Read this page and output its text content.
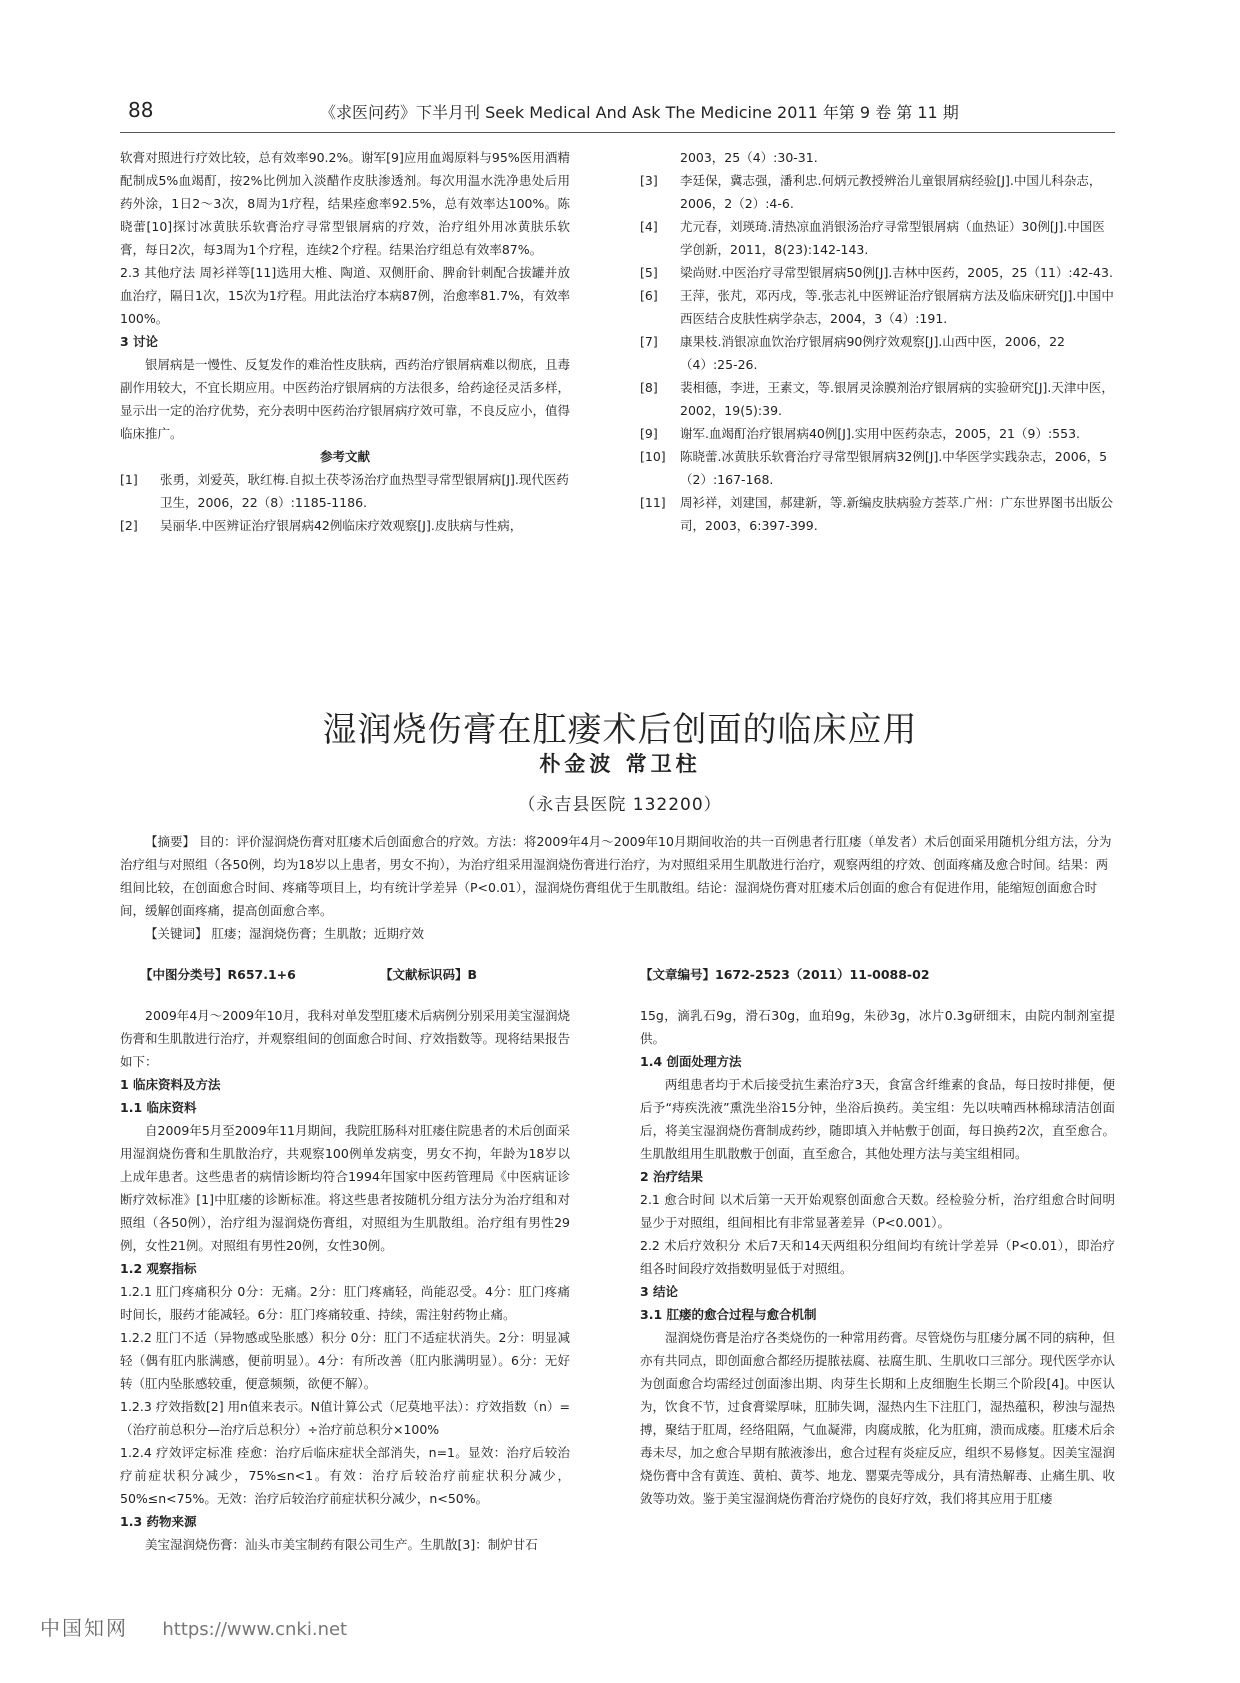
88	《求医问药》下半月刊 Seek Medical And Ask The Medicine 2011 年第 9 卷 第 11 期

软膏对照进行疗效比较，总有效率90.2%。谢军[9]应用血竭原料与95%医用酒精配制成5%血竭酊，按2%比例加入淡醋作皮肤渗透剂。每次用温水洗净患处后用药外涂，1日2～3次，8周为1疗程，结果痊愈率92.5%，总有效率达100%。陈晓蕾[10]探讨冰黄肤乐软膏治疗寻常型银屑病的疗效，治疗组外用冰黄肤乐软膏，每日2次，每3周为1个疗程，连续2个疗程。结果治疗组总有效率87%。

2.3 其他疗法 周衫祥等[11]选用大椎、陶道、双侧肝俞、脾俞针刺配合拔罐并放血治疗，隔日1次，15次为1疗程。用此法治疗本病87例，治愈率81.7%，有效率100%。

3 讨论

银屑病是一慢性、反复发作的难治性皮肤病，西药治疗银屑病难以彻底，且毒副作用较大，不宜长期应用。中医药治疗银屑病的方法很多，给药途径灵活多样，显示出一定的治疗优势，充分表明中医药治疗银屑病疗效可靠，不良反应小，值得临床推广。

参考文献

[1]	张勇，刘爱英，耿红梅.自拟土茯苓汤治疗血热型寻常型银屑病[J].现代医药卫生，2006，22（8）:1185-1186.
[2]	吴丽华.中医辨证治疗银屑病42例临床疗效观察[J].皮肤病与性病，
2003，25（4）:30-31.
[3]	李廷保，冀志强，潘利忠.何炳元教授辨治儿童银屑病经验[J].中国儿科杂志，2006，2（2）:4-6.
[4]	尤元春，刘瑛琦.清热凉血消银汤治疗寻常型银屑病（血热证）30例[J].中国医学创新，2011，8(23):142-143.
[5]	梁尚财.中医治疗寻常型银屑病50例[J].吉林中医药，2005，25（11）:42-43.
[6]	王萍，张芃，邓丙戌，等.张志礼中医辨证治疗银屑病方法及临床研究[J].中国中西医结合皮肤性病学杂志，2004，3（4）:191.
[7]	康果枝.消银凉血饮治疗银屑病90例疗效观察[J].山西中医，2006，22（4）:25-26.
[8]	裴相德，李进，王素文，等.银屑灵涂膜剂治疗银屑病的实验研究[J].天津中医，2002，19(5):39.
[9]	谢军.血竭酊治疗银屑病40例[J].实用中医药杂志，2005，21（9）:553.
[10]	陈晓蕾.冰黄肤乐软膏治疗寻常型银屑病32例[J].中华医学实践杂志，2006，5（2）:167-168.
[11]	周衫祥，刘建国，郝建新，等.新编皮肤病验方荟萃.广州：广东世界图书出版公司，2003，6:397-399.
湿润烧伤膏在肛瘘术后创面的临床应用
朴金波 常卫柱
（永吉县医院 132200）

【摘要】 目的：评价湿润烧伤膏对肛瘘术后创面愈合的疗效。方法：将2009年4月～2009年10月期间收治的共一百例患者行肛瘘（单发者）术后创面采用随机分组方法，分为治疗组与对照组（各50例，均为18岁以上患者，男女不拘），为治疗组采用湿润烧伤膏进行治疗，为对照组采用生肌散进行治疗，观察两组的疗效、创面疼痛及愈合时间。结果：两组间比较，在创面愈合时间、疼痛等项目上，均有统计学差异（P<0.01），湿润烧伤膏组优于生肌散组。结论：湿润烧伤膏对肛瘘术后创面的愈合有促进作用，能缩短创面愈合时间，缓解创面疼痛，提高创面愈合率。

【关键词】 肛瘘；湿润烧伤膏；生肌散；近期疗效

【中图分类号】R657.1+6	【文献标识码】B	【文章编号】1672-2523（2011）11-0088-02

2009年4月～2009年10月，我科对单发型肛瘘术后病例分别采用美宝湿润烧伤膏和生肌散进行治疗，并观察组间的创面愈合时间、疗效指数等。现将结果报告如下：

1 临床资料及方法

1.1 临床资料

自2009年5月至2009年11月期间，我院肛肠科对肛瘘住院患者的术后创面采用湿润烧伤膏和生肌散治疗，共观察100例单发病变，男女不拘，年龄为18岁以上成年患者。这些患者的病情诊断均符合1994年国家中医药管理局《中医病证诊断疗效标准》[1]中肛瘘的诊断标准。将这些患者按随机分组方法分为治疗组和对照组（各50例），治疗组为湿润烧伤膏组，对照组为生肌散组。治疗组有男性29例，女性21例。对照组有男性20例，女性30例。

1.2 观察指标

1.2.1 肛门疼痛积分 0分：无痛。2分：肛门疼痛轻，尚能忍受。4分：肛门疼痛时间长，服药才能减轻。6分：肛门疼痛较重、持续，需注射药物止痛。

1.2.2 肛门不适（异物感或坠胀感）积分 0分：肛门不适症状消失。2分：明显减轻（偶有肛内胀满感，便前明显）。4分：有所改善（肛内胀满明显）。6分：无好转（肛内坠胀感较重，便意频频，欲便不解）。

1.2.3 疗效指数[2] 用n值来表示。N值计算公式（尼莫地平法）：疗效指数（n）=（治疗前总积分—治疗后总积分）÷治疗前总积分×100%

1.2.4 疗效评定标准 痊愈：治疗后临床症状全部消失，n=1。显效：治疗后较治疗前症状积分减少，75%≤n<1。有效：治疗后较治疗前症状积分减少，50%≤n<75%。无效：治疗后较治疗前症状积分减少，n<50%。

1.3 药物来源

美宝湿润烧伤膏：汕头市美宝制药有限公司生产。生肌散[3]：制炉甘石

15g，滴乳石9g，滑石30g，血珀9g，朱砂3g，冰片0.3g研细末，由院内制剂室提供。

1.4 创面处理方法

两组患者均于术后接受抗生素治疗3天，食富含纤维素的食品，每日按时排便，便后予“痔疾洗液”熏洗坐浴15分钟，坐浴后换药。美宝组：先以呋喃西林棉球清洁创面后，将美宝湿润烧伤膏制成药纱，随即填入并帖敷于创面，每日换药2次，直至愈合。生肌散组用生肌散敷于创面，直至愈合，其他处理方法与美宝组相同。

2 治疗结果

2.1 愈合时间 以术后第一天开始观察创面愈合天数。经检验分析，治疗组愈合时间明显少于对照组，组间相比有非常显著差异（P<0.001）。

2.2 术后疗效积分 术后7天和14天两组积分组间均有统计学差异（P<0.01），即治疗组各时间段疗效指数明显低于对照组。

3 结论

3.1 肛瘘的愈合过程与愈合机制

湿润烧伤膏是治疗各类烧伤的一种常用药膏。尽管烧伤与肛瘘分属不同的病种，但亦有共同点，即创面愈合都经历提脓祛腐、祛腐生肌、生肌收口三部分。现代医学亦认为创面愈合均需经过创面渗出期、肉芽生长期和上皮细胞生长期三个阶段[4]。中医认为，饮食不节，过食膏粱厚味，肛肺失调，湿热内生下注肛门，湿热蕴积，秽浊与湿热搏，聚结于肛周，经络阻隔，气血凝滞，肉腐成脓，化为肛痈，溃而成瘘。肛瘘术后余毒未尽，加之愈合早期有脓液渗出，愈合过程有炎症反应，组织不易修复。因美宝湿润烧伤膏中含有黄连、黄柏、黄芩、地龙、罂粟壳等成分，具有清热解毒、止痛生肌、收敛等功效。鉴于美宝湿润烧伤膏治疗烧伤的良好疗效，我们将其应用于肛瘘

中国知网 https://www.cnki.net
